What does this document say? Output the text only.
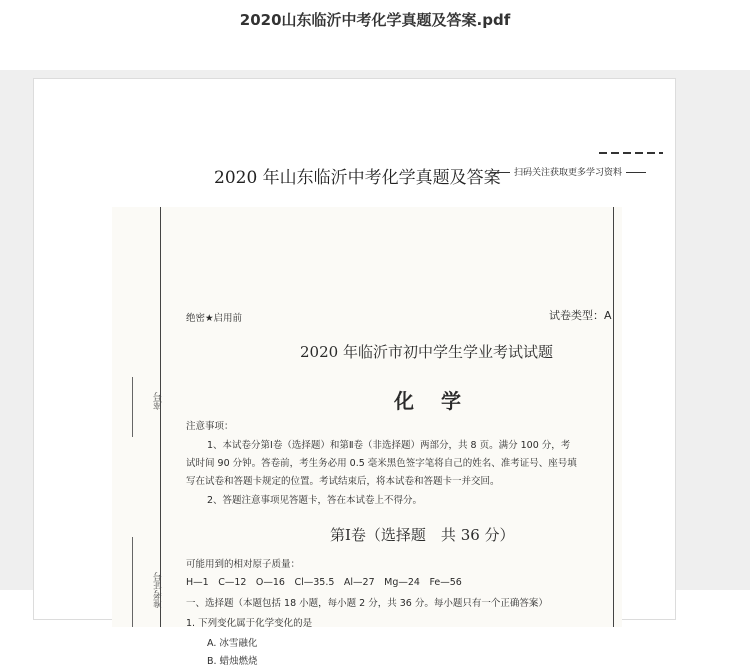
2020山东临沂中考化学真题及答案.pdf
2020 年山东临沂中考化学真题及答案	扫码关注获取更多学习资料
座号
准考证号
绝密★启用前	试卷类型：A
2020 年临沂市初中学生学业考试试题
化 学
注意事项：
1、本试卷分第Ⅰ卷（选择题）和第Ⅱ卷（非选择题）两部分，共 8 页。满分 100 分，考
试时间 90 分钟。答卷前，考生务必用 0.5 毫米黑色签字笔将自己的姓名、准考证号、座号填
写在试卷和答题卡规定的位置。考试结束后，将本试卷和答题卡一并交回。
2、答题注意事项见答题卡，答在本试卷上不得分。
第Ⅰ卷（选择题　共 36 分）
可能用到的相对原子质量：
H—1　C—12　O—16　Cl—35.5　Al—27　Mg—24　Fe—56
一、选择题（本题包括 18 小题，每小题 2 分，共 36 分。每小题只有一个正确答案）
1. 下列变化属于化学变化的是
A. 冰雪融化
B. 蜡烛燃烧
